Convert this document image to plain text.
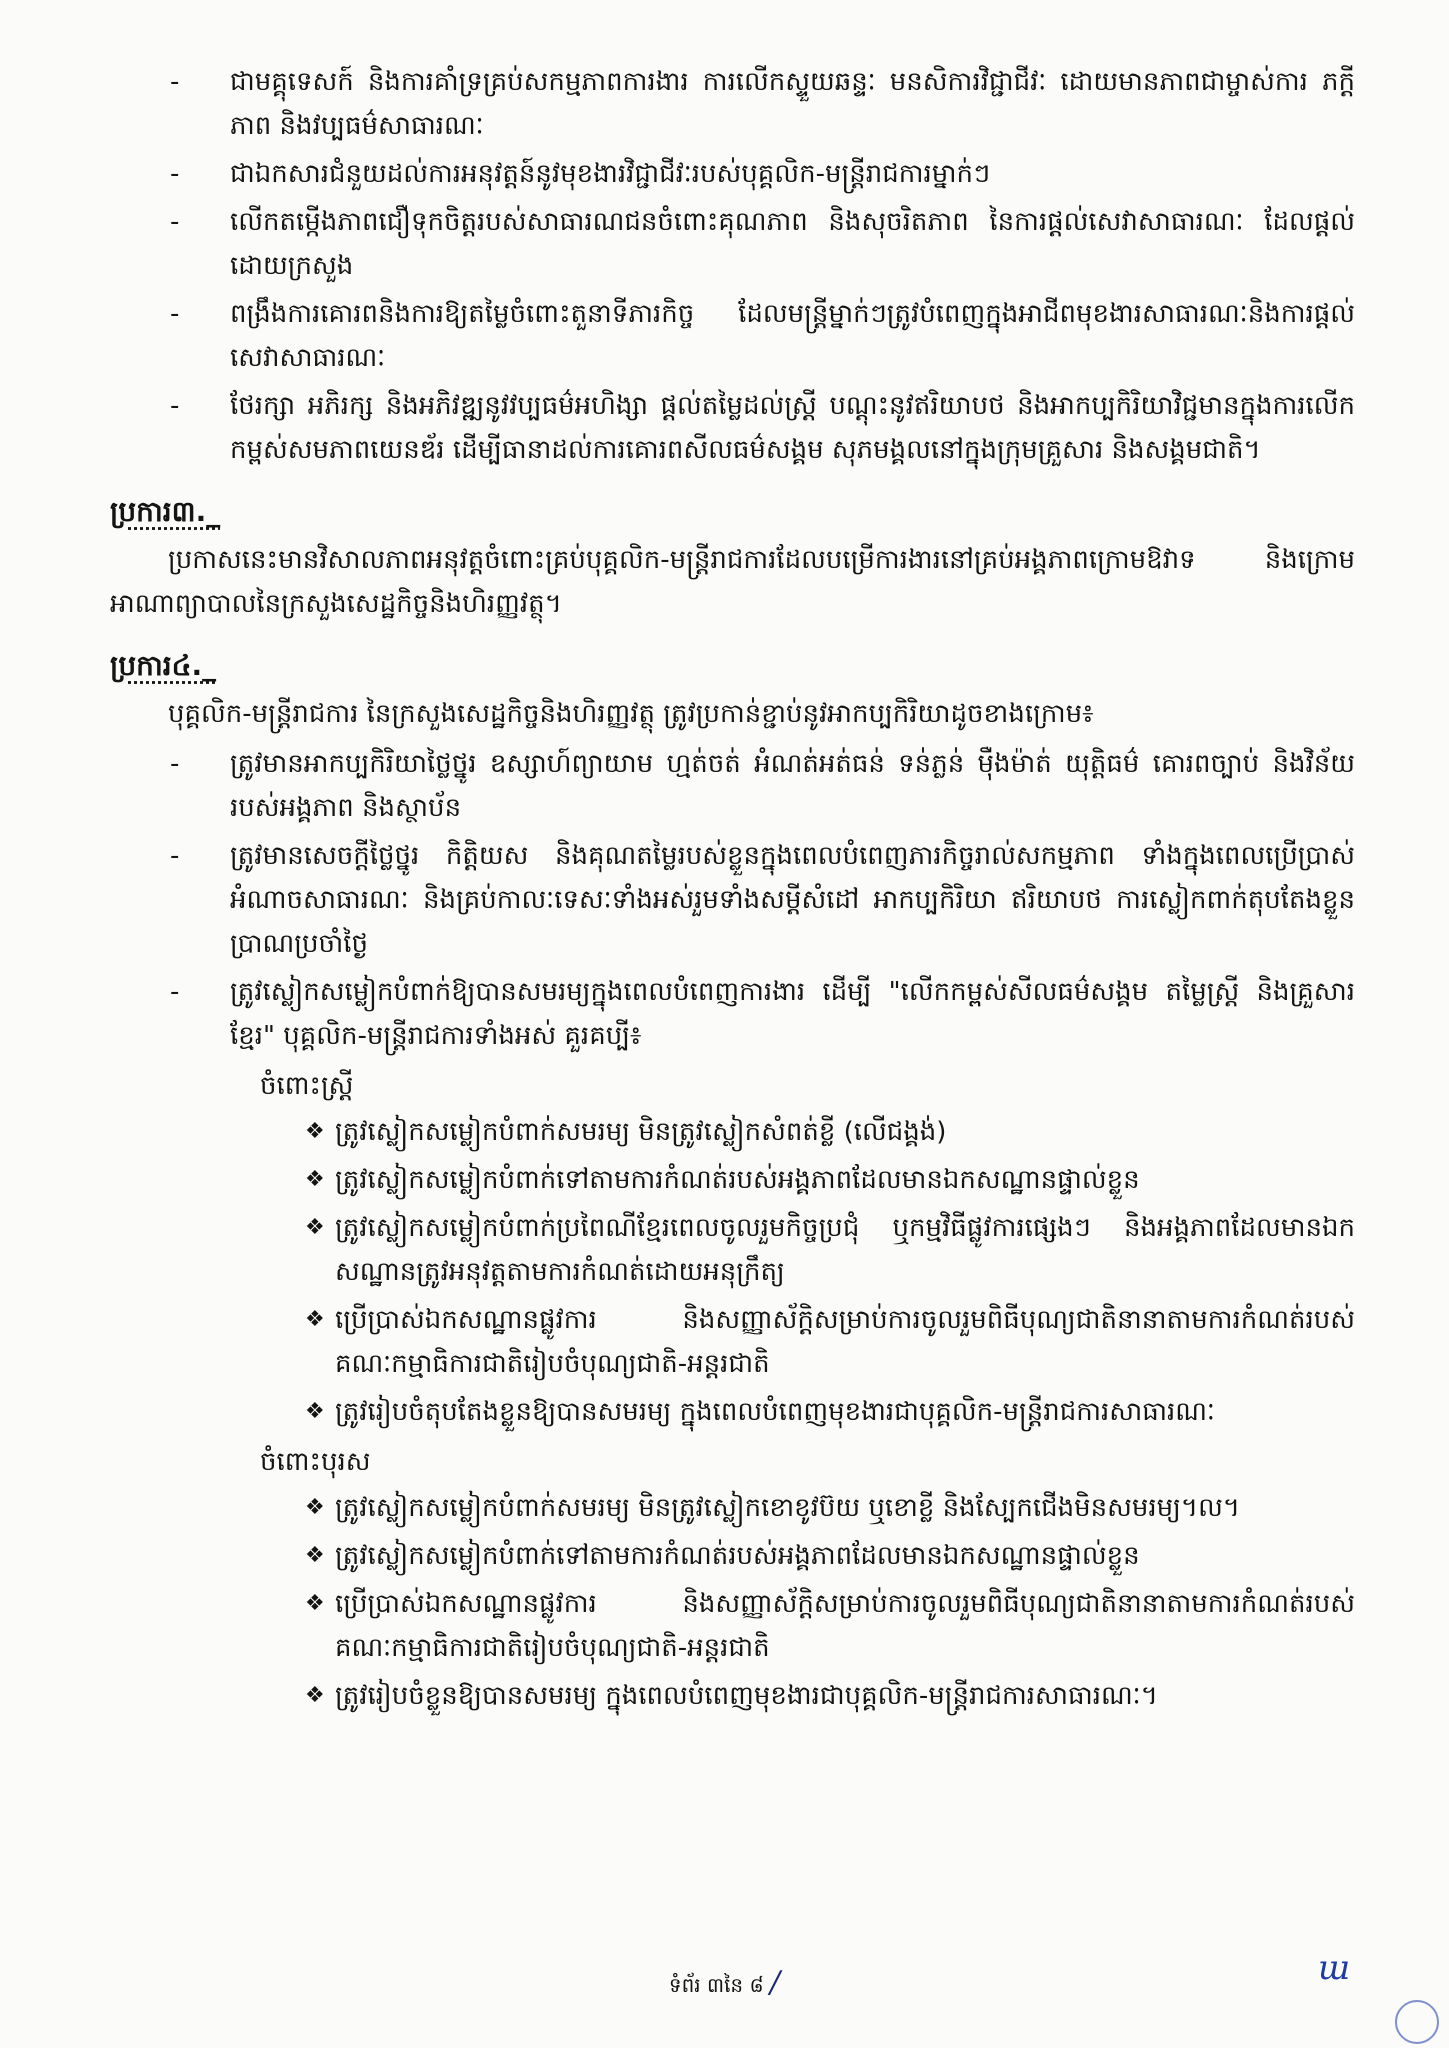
-	ជាមគ្គុទេសក៍ និងការគាំទ្រគ្រប់សកម្មភាពការងារ ការលើកស្ទួយឆន្ទៈ មនសិការវិជ្ជាជីវៈ ដោយមានភាពជាម្ចាស់ការ ភក្ដីភាព និងវប្បធម៌សាធារណៈ
-	ជាឯកសារជំនួយដល់ការអនុវត្តន៍នូវមុខងារវិជ្ជាជីវៈរបស់បុគ្គលិក-មន្ត្រីរាជការម្នាក់ៗ
-	លើកតម្កើងភាពជឿទុកចិត្តរបស់សាធារណជនចំពោះគុណភាព និងសុចរិតភាព នៃការផ្ដល់សេវាសាធារណៈ ដែលផ្ដល់ដោយក្រសួង
-	ពង្រឹងការគោរពនិងការឱ្យតម្លៃចំពោះតួនាទីភារកិច្ច ដែលមន្ត្រីម្នាក់ៗត្រូវបំពេញក្នុងអាជីពមុខងារសាធារណៈនិងការផ្ដល់សេវាសាធារណៈ
-	ថែរក្សា អភិរក្ស និងអភិវឌ្ឍនូវវប្បធម៌អហិង្សា ផ្ដល់តម្លៃដល់ស្ត្រី បណ្ដុះនូវឥរិយាបថ និងអាកប្បកិរិយាវិជ្ជមានក្នុងការលើកកម្ពស់សមភាពយេនឌ័រ ដើម្បីធានាដល់ការគោរពសីលធម៌សង្គម សុភមង្គលនៅក្នុងក្រុមគ្រួសារ និងសង្គមជាតិ។
ប្រការ៣._

ប្រកាសនេះមានវិសាលភាពអនុវត្តចំពោះគ្រប់បុគ្គលិក-មន្ត្រីរាជការដែលបម្រើការងារនៅគ្រប់អង្គភាពក្រោមឱវាទ និងក្រោមអាណាព្យាបាលនៃក្រសួងសេដ្ឋកិច្ចនិងហិរញ្ញវត្ថុ។

ប្រការ៤._

បុគ្គលិក-មន្ត្រីរាជការ នៃក្រសួងសេដ្ឋកិច្ចនិងហិរញ្ញវត្ថុ ត្រូវប្រកាន់ខ្ជាប់នូវអាកប្បកិរិយាដូចខាងក្រោម៖

-	ត្រូវមានអាកប្បកិរិយាថ្លៃថ្នូរ ឧស្សាហ៍ព្យាយាម ហ្មត់ចត់ អំណត់អត់ធន់ ទន់ភ្លន់ ម៉ឺងម៉ាត់ យុត្តិធម៌ គោរពច្បាប់ និងវិន័យរបស់អង្គភាព និងស្ថាប័ន
-	ត្រូវមានសេចក្ដីថ្លៃថ្នូរ កិត្តិយស និងគុណតម្លៃរបស់ខ្លួនក្នុងពេលបំពេញភារកិច្ចរាល់សកម្មភាព ទាំងក្នុងពេលប្រើប្រាស់អំណាចសាធារណៈ និងគ្រប់កាលៈទេសៈទាំងអស់រួមទាំងសម្ដីសំដៅ អាកប្បកិរិយា ឥរិយាបថ ការស្លៀកពាក់តុបតែងខ្លួនប្រាណប្រចាំថ្ងៃ
-	ត្រូវស្លៀកសម្លៀកបំពាក់ឱ្យបានសមរម្យក្នុងពេលបំពេញការងារ ដើម្បី "លើកកម្ពស់សីលធម៌សង្គម តម្លៃស្ត្រី និងគ្រួសារខ្មែរ" បុគ្គលិក-មន្ត្រីរាជការទាំងអស់ គួរគប្បី៖
ចំពោះស្ត្រី
❖ ត្រូវស្លៀកសម្លៀកបំពាក់សមរម្យ មិនត្រូវស្លៀកសំពត់ខ្លី (លើជង្គង់)
❖ ត្រូវស្លៀកសម្លៀកបំពាក់ទៅតាមការកំណត់របស់អង្គភាពដែលមានឯកសណ្ឋានផ្ទាល់ខ្លួន
❖ ត្រូវស្លៀកសម្លៀកបំពាក់ប្រពៃណីខ្មែរពេលចូលរួមកិច្ចប្រជុំ ឬកម្មវិធីផ្លូវការផ្សេងៗ និងអង្គភាពដែលមានឯកសណ្ឋានត្រូវអនុវត្តតាមការកំណត់ដោយអនុក្រឹត្យ
❖ ប្រើប្រាស់ឯកសណ្ឋានផ្លូវការ និងសញ្ញាស័ក្តិសម្រាប់ការចូលរួមពិធីបុណ្យជាតិនានាតាមការកំណត់របស់គណៈកម្មាធិការជាតិរៀបចំបុណ្យជាតិ-អន្តរជាតិ
❖ ត្រូវរៀបចំតុបតែងខ្លួនឱ្យបានសមរម្យ ក្នុងពេលបំពេញមុខងារជាបុគ្គលិក-មន្ត្រីរាជការសាធារណៈ
ចំពោះបុរស
❖ ត្រូវស្លៀកសម្លៀកបំពាក់សមរម្យ មិនត្រូវស្លៀកខោខូវប៊យ ឬខោខ្លី និងស្បែកជើងមិនសមរម្យ។ល។
❖ ត្រូវស្លៀកសម្លៀកបំពាក់ទៅតាមការកំណត់របស់អង្គភាពដែលមានឯកសណ្ឋានផ្ទាល់ខ្លួន
❖ ប្រើប្រាស់ឯកសណ្ឋានផ្លូវការ និងសញ្ញាស័ក្តិសម្រាប់ការចូលរួមពិធីបុណ្យជាតិនានាតាមការកំណត់របស់គណៈកម្មាធិការជាតិរៀបចំបុណ្យជាតិ-អន្តរជាតិ
❖ ត្រូវរៀបចំខ្លួនឱ្យបានសមរម្យ ក្នុងពេលបំពេញមុខងារជាបុគ្គលិក-មន្ត្រីរាជការសាធារណៈ។
ទំព័រ ៣នៃ ៨ /	ɯ
